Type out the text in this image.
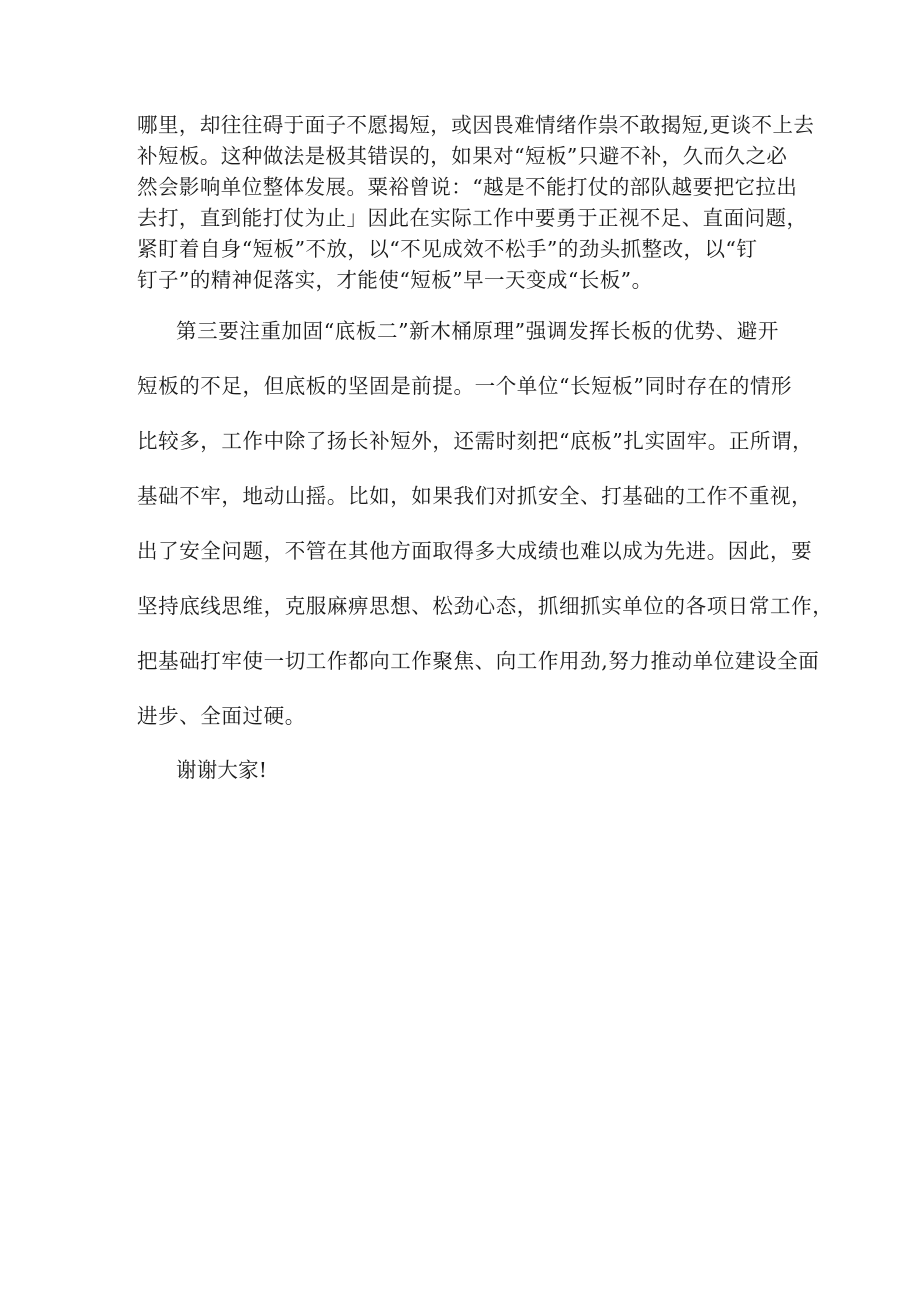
哪里，却往往碍于面子不愿揭短，或因畏难情绪作祟不敢揭短,更谈不上去
补短板。这种做法是极其错误的，如果对“短板”只避不补，久而久之必
然会影响单位整体发展。粟裕曾说：“越是不能打仗的部队越要把它拉出
去打，直到能打仗为止」因此在实际工作中要勇于正视不足、直面问题，
紧盯着自身“短板”不放，以“不见成效不松手”的劲头抓整改，以“钉
钉子”的精神促落实，才能使“短板”早一天变成“长板”。
第三要注重加固“底板二”新木桶原理”强调发挥长板的优势、避开
短板的不足，但底板的坚固是前提。一个单位“长短板”同时存在的情形
比较多，工作中除了扬长补短外，还需时刻把“底板”扎实固牢。正所谓，
基础不牢，地动山摇。比如，如果我们对抓安全、打基础的工作不重视，
出了安全问题，不管在其他方面取得多大成绩也难以成为先进。因此，要
坚持底线思维，克服麻痹思想、松劲心态，抓细抓实单位的各项日常工作，
把基础打牢使一切工作都向工作聚焦、向工作用劲,努力推动单位建设全面
进步、全面过硬。
谢谢大家!
